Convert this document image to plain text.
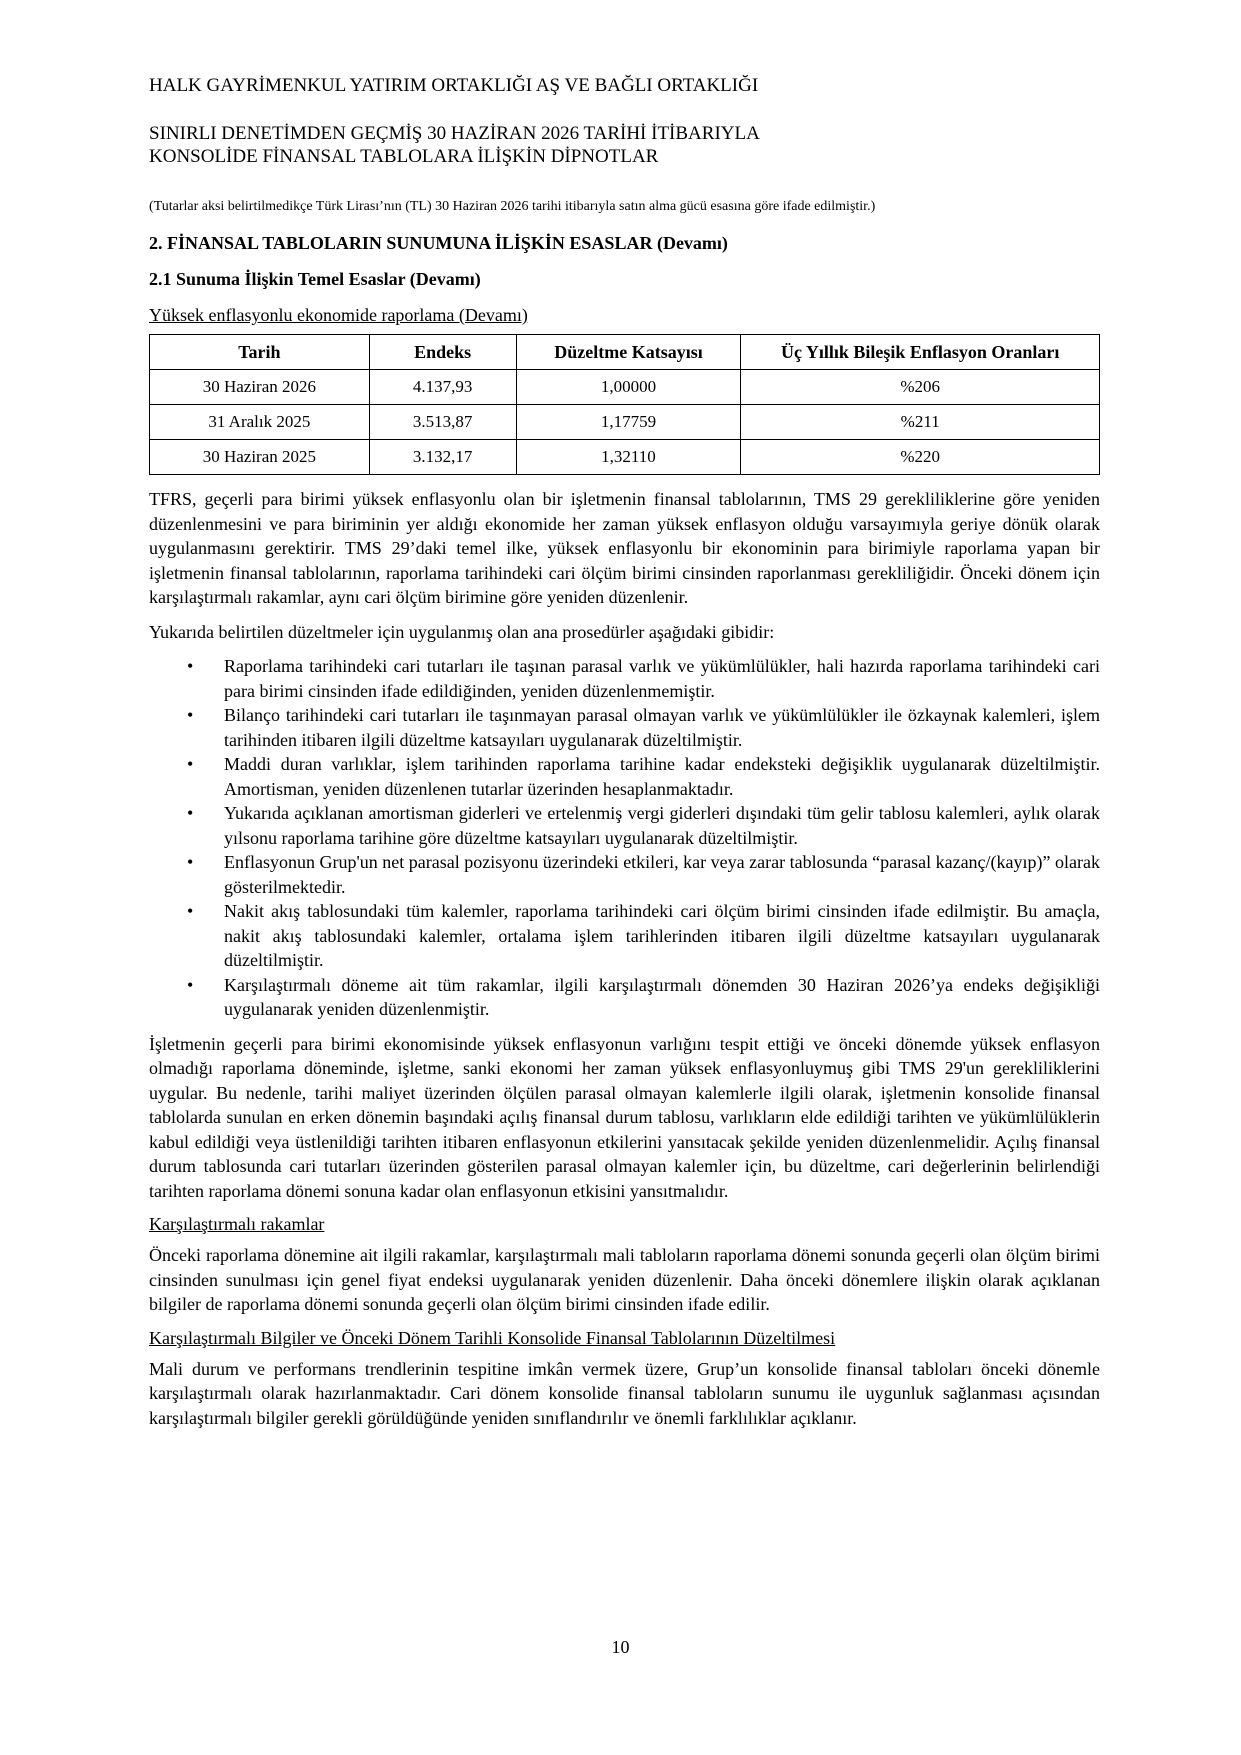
HALK GAYRİMENKUL YATIRIM ORTAKLIĞI AŞ VE BAĞLI ORTAKLIĞI

SINIRLI DENETİMDEN GEÇMİŞ 30 HAZİRAN 2026 TARİHİ İTİBARIYLA

KONSOLİDE FİNANSAL TABLOLARA İLİŞKİN DİPNOTLAR

(Tutarlar aksi belirtilmedikçe Türk Lirası’nın (TL) 30 Haziran 2026 tarihi itibarıyla satın alma gücü esasına göre ifade edilmiştir.)

2. FİNANSAL TABLOLARIN SUNUMUNA İLİŞKİN ESASLAR (Devamı)

2.1 Sunuma İlişkin Temel Esaslar (Devamı)

Yüksek enflasyonlu ekonomide raporlama (Devamı)

Tarih	Endeks	Düzeltme Katsayısı	Üç Yıllık Bileşik Enflasyon Oranları
30 Haziran 2026	4.137,93	1,00000	%206
31 Aralık 2025	3.513,87	1,17759	%211
30 Haziran 2025	3.132,17	1,32110	%220

TFRS, geçerli para birimi yüksek enflasyonlu olan bir işletmenin finansal tablolarının, TMS 29 gerekliliklerine göre yeniden düzenlenmesini ve para biriminin yer aldığı ekonomide her zaman yüksek enflasyon olduğu varsayımıyla geriye dönük olarak uygulanmasını gerektirir. TMS 29’daki temel ilke, yüksek enflasyonlu bir ekonominin para birimiyle raporlama yapan bir işletmenin finansal tablolarının, raporlama tarihindeki cari ölçüm birimi cinsinden raporlanması gerekliliğidir. Önceki dönem için karşılaştırmalı rakamlar, aynı cari ölçüm birimine göre yeniden düzenlenir.

Yukarıda belirtilen düzeltmeler için uygulanmış olan ana prosedürler aşağıdaki gibidir:

• Raporlama tarihindeki cari tutarları ile taşınan parasal varlık ve yükümlülükler, hali hazırda raporlama tarihindeki cari para birimi cinsinden ifade edildiğinden, yeniden düzenlenmemiştir.
• Bilanço tarihindeki cari tutarları ile taşınmayan parasal olmayan varlık ve yükümlülükler ile özkaynak kalemleri, işlem tarihinden itibaren ilgili düzeltme katsayıları uygulanarak düzeltilmiştir.
• Maddi duran varlıklar, işlem tarihinden raporlama tarihine kadar endeksteki değişiklik uygulanarak düzeltilmiştir. Amortisman, yeniden düzenlenen tutarlar üzerinden hesaplanmaktadır.
• Yukarıda açıklanan amortisman giderleri ve ertelenmiş vergi giderleri dışındaki tüm gelir tablosu kalemleri, aylık olarak yılsonu raporlama tarihine göre düzeltme katsayıları uygulanarak düzeltilmiştir.
• Enflasyonun Grup'un net parasal pozisyonu üzerindeki etkileri, kar veya zarar tablosunda “parasal kazanç/(kayıp)” olarak gösterilmektedir.
• Nakit akış tablosundaki tüm kalemler, raporlama tarihindeki cari ölçüm birimi cinsinden ifade edilmiştir. Bu amaçla, nakit akış tablosundaki kalemler, ortalama işlem tarihlerinden itibaren ilgili düzeltme katsayıları uygulanarak düzeltilmiştir.
• Karşılaştırmalı döneme ait tüm rakamlar, ilgili karşılaştırmalı dönemden 30 Haziran 2026’ya endeks değişikliği uygulanarak yeniden düzenlenmiştir.

İşletmenin geçerli para birimi ekonomisinde yüksek enflasyonun varlığını tespit ettiği ve önceki dönemde yüksek enflasyon olmadığı raporlama döneminde, işletme, sanki ekonomi her zaman yüksek enflasyonluymuş gibi TMS 29'un gerekliliklerini uygular. Bu nedenle, tarihi maliyet üzerinden ölçülen parasal olmayan kalemlerle ilgili olarak, işletmenin konsolide finansal tablolarda sunulan en erken dönemin başındaki açılış finansal durum tablosu, varlıkların elde edildiği tarihten ve yükümlülüklerin kabul edildiği veya üstlenildiği tarihten itibaren enflasyonun etkilerini yansıtacak şekilde yeniden düzenlenmelidir. Açılış finansal durum tablosunda cari tutarları üzerinden gösterilen parasal olmayan kalemler için, bu düzeltme, cari değerlerinin belirlendiği tarihten raporlama dönemi sonuna kadar olan enflasyonun etkisini yansıtmalıdır.

Karşılaştırmalı rakamlar

Önceki raporlama dönemine ait ilgili rakamlar, karşılaştırmalı mali tabloların raporlama dönemi sonunda geçerli olan ölçüm birimi cinsinden sunulması için genel fiyat endeksi uygulanarak yeniden düzenlenir. Daha önceki dönemlere ilişkin olarak açıklanan bilgiler de raporlama dönemi sonunda geçerli olan ölçüm birimi cinsinden ifade edilir.

Karşılaştırmalı Bilgiler ve Önceki Dönem Tarihli Konsolide Finansal Tablolarının Düzeltilmesi

Mali durum ve performans trendlerinin tespitine imkân vermek üzere, Grup’un konsolide finansal tabloları önceki dönemle karşılaştırmalı olarak hazırlanmaktadır. Cari dönem konsolide finansal tabloların sunumu ile uygunluk sağlanması açısından karşılaştırmalı bilgiler gerekli görüldüğünde yeniden sınıflandırılır ve önemli farklılıklar açıklanır.

10
